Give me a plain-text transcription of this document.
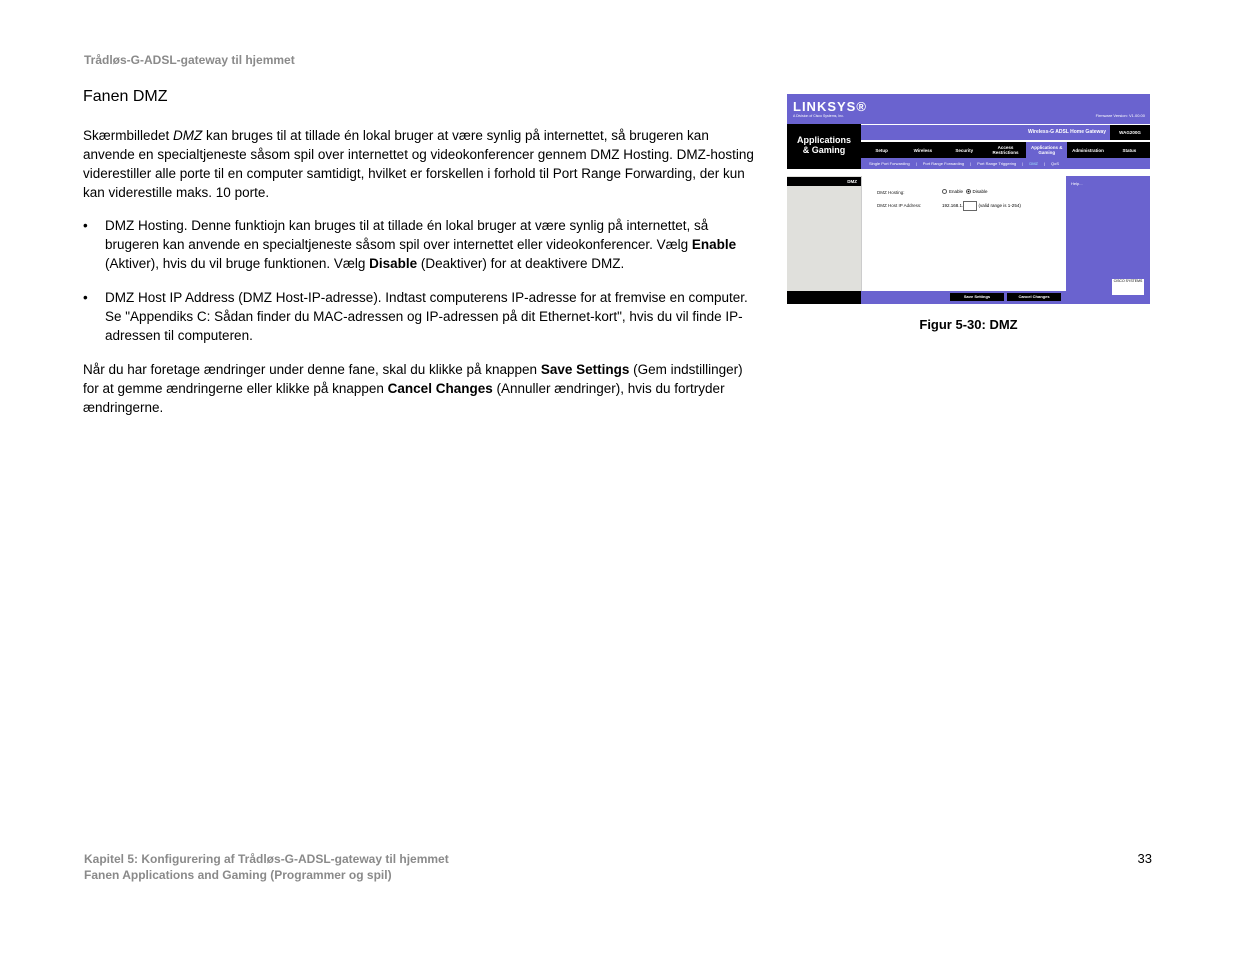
Trådløs-G-ADSL-gateway til hjemmet
Fanen DMZ

Skærmbilledet DMZ kan bruges til at tillade én lokal bruger at være synlig på internettet, så brugeren kan anvende en specialtjeneste såsom spil over internettet og videokonferencer gennem DMZ Hosting. DMZ-hosting viderestiller alle porte til en computer samtidigt, hvilket er forskellen i forhold til Port Range Forwarding, der kun kan viderestille maks. 10 porte.

• DMZ Hosting. Denne funktiojn kan bruges til at tillade én lokal bruger at være synlig på internettet, så brugeren kan anvende en specialtjeneste såsom spil over internettet eller videokonferencer. Vælg Enable (Aktiver), hvis du vil bruge funktionen. Vælg Disable (Deaktiver) for at deaktivere DMZ.
• DMZ Host IP Address (DMZ Host-IP-adresse). Indtast computerens IP-adresse for at fremvise en computer. Se "Appendiks C: Sådan finder du MAC-adressen og IP-adressen på dit Ethernet-kort", hvis du vil finde IP-adressen til computeren.

Når du har foretage ændringer under denne fane, skal du klikke på knappen Save Settings (Gem indstillinger) for at gemme ændringerne eller klikke på knappen Cancel Changes (Annuller ændringer), hvis du fortryder ændringerne.

LINKSYS®
A Division of Cisco Systems, Inc.	Firmware Version: V1.00.00
Applications & Gaming
Wireless-G ADSL Home Gateway	WAG200G
Setup	Wireless	Security	Access Restrictions
Applications & Gaming	Administration	Status
Single Port Forwarding | Port Range Forwarding | Port Range Triggering | DMZ | QoS
DMZ
DMZ Hosting:	Enable Disable
DMZ Host IP Address:	192.168.1.	(valid range is 1-254)
Help...
CISCO SYSTEMS
Save Settings	Cancel Changes
Figur 5-30: DMZ
Kapitel 5: Konfigurering af Trådløs-G-ADSL-gateway til hjemmet
Fanen Applications and Gaming (Programmer og spil)
33
